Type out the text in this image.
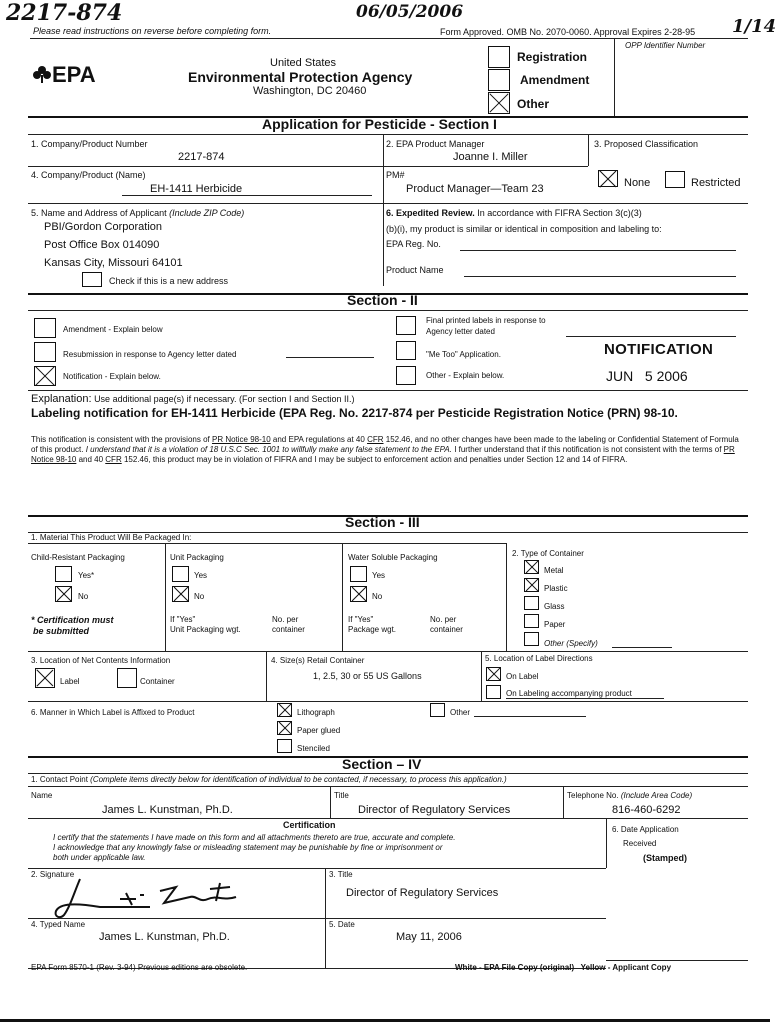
2217-874	06/05/2006
1/14
Please read instructions on reverse before completing form.	Form Approved. OMB No. 2070-0060. Approval Expires 2-28-95
OPP Identifier Number
EPA	United States
Environmental Protection Agency
Washington, DC 20460
Registration
Amendment
Other
Application for Pesticide - Section I
1. Company/Product Number
2217-874
2. EPA Product Manager
Joanne I. Miller
3. Proposed Classification
4. Company/Product (Name)
EH-1411 Herbicide
PM#
Product Manager—Team 23	None	Restricted
5. Name and Address of Applicant (Include ZIP Code)
PBI/Gordon Corporation
Post Office Box 014090
Kansas City, Missouri 64101
Check if this is a new address
6. Expedited Review. In accordance with FIFRA Section 3(c)(3)
(b)(i), my product is similar or identical in composition and labeling to:
EPA Reg. No.
Product Name
Section - II
Amendment - Explain below
Resubmission in response to Agency letter dated
Notification - Explain below.
Final printed labels in response to
Agency letter dated
"Me Too" Application.
Other - Explain below.
NOTIFICATION
JUN   5 2006
Explanation: Use additional page(s) if necessary. (For section I and Section II.)
Labeling notification for EH-1411 Herbicide (EPA Reg. No. 2217-874 per Pesticide Registration Notice (PRN) 98-10.
This notification is consistent with the provisions of PR Notice 98-10 and EPA regulations at 40 CFR 152.46, and no other changes have been made to the labeling or Confidential Statement of Formula of this product. I understand that it is a violation of 18 U.S.C Sec. 1001 to willfully make any false statement to the EPA. I further understand that if this notification is not consistent with the terms of PR Notice 98-10 and 40 CFR 152.46, this product may be in violation of FIFRA and I may be subject to enforcement action and penalties under Section 12 and 14 of FIFRA.
Section - III
1. Material This Product Will Be Packaged In:
Child-Resistant Packaging
Yes*
No
* Certification must
be submitted
Unit Packaging
Yes
No
If "Yes"
Unit Packaging wgt.
No. per
container
Water Soluble Packaging
Yes
No
If "Yes"
Package wgt.
No. per
container
2. Type of Container
Metal
Plastic
Glass
Paper
Other (Specify)
3. Location of Net Contents Information
Label	Container
4. Size(s) Retail Container
1, 2.5, 30 or 55 US Gallons
5. Location of Label Directions
On Label
On Labeling accompanying product
6. Manner in Which Label is Affixed to Product	Lithograph
Paper glued
Stenciled
Other
Section – IV
1. Contact Point (Complete items directly below for identification of individual to be contacted, if necessary, to process this application.)
Name
James L. Kunstman, Ph.D.
Title
Director of Regulatory Services
Telephone No. (Include Area Code)
816-460-6292
Certification
I certify that the statements I have made on this form and all attachments thereto are true, accurate and complete.
I acknowledge that any knowingly false or misleading statement may be punishable by fine or imprisonment or
both under applicable law.
6. Date Application
Received
(Stamped)
2. Signature	3. Title
Director of Regulatory Services
4. Typed Name
James L. Kunstman, Ph.D.
5. Date
May 11, 2006
EPA Form 8570-1 (Rev. 3-94) Previous editions are obsolete.	White - EPA File Copy (original)   Yellow - Applicant Copy
